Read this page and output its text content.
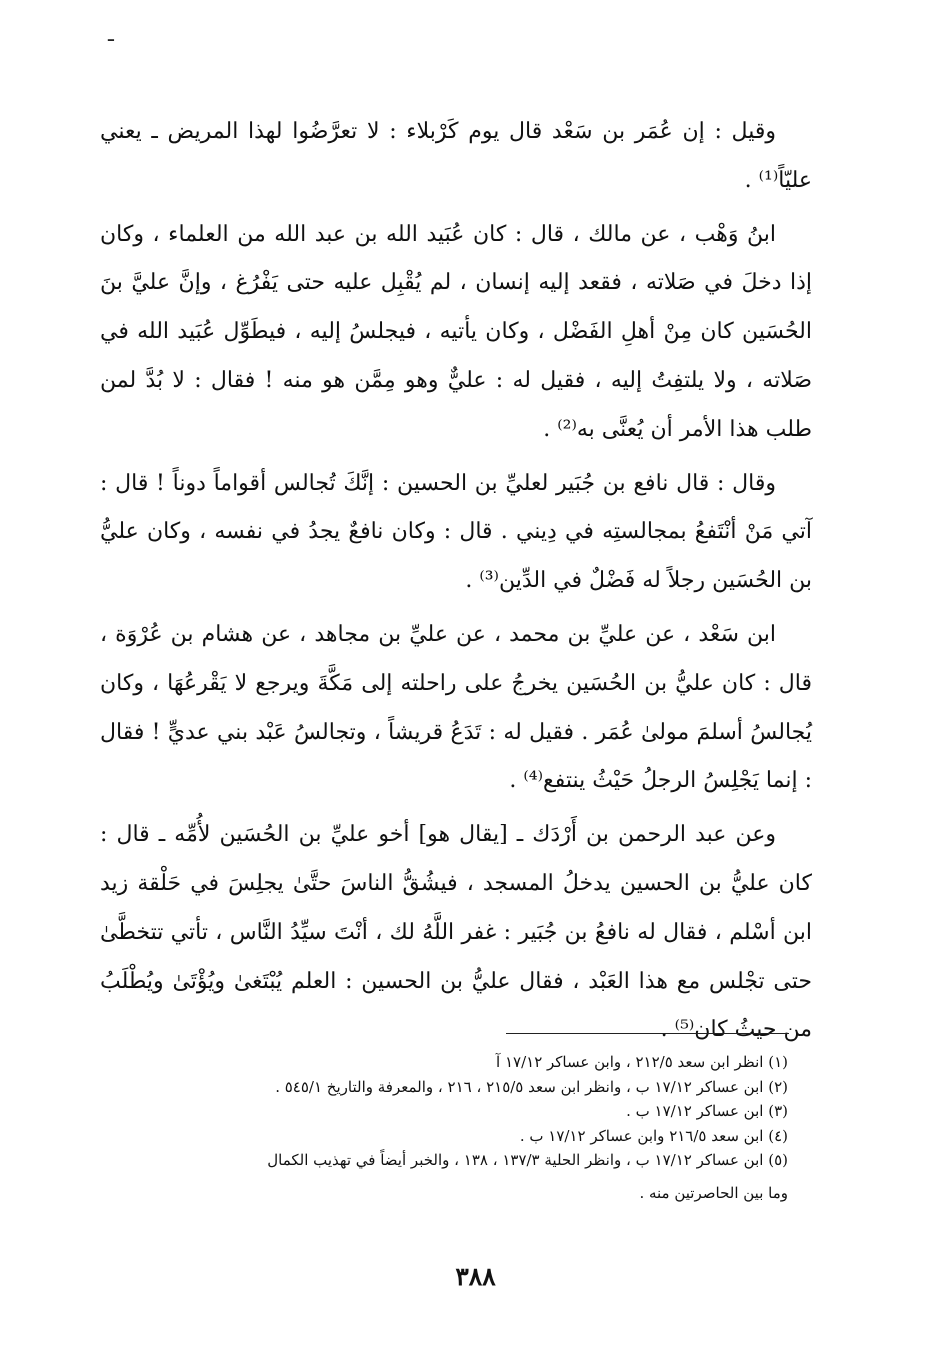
ـ

وقيل : إن عُمَر بن سَعْد قال يوم كَرْبلاء : لا تعرَّضُوا لهذا المريض ـ يعني عليّاً⁽¹⁾ .

ابنُ وَهْب ، عن مالك ، قال : كان عُبَيد الله بن عبد الله من العلماء ، وكان إذا دخلَ في صَلاته ، فقعد إليه إنسان ، لم يُقْبِل عليه حتى يَفْرُغ ، وإنَّ عليَّ بنَ الحُسَين كان مِنْ أهلِ الفَضْل ، وكان يأتيه ، فيجلسُ إليه ، فيطَوِّل عُبَيد الله في صَلاته ، ولا يلتفِتُ إليه ، فقيل له : عليٌّ وهو مِمَّن هو منه ! فقال : لا بُدَّ لمن طلب هذا الأمر أن يُعنَّى به⁽²⁾ .

وقال : قال نافع بن جُبَير لعليِّ بن الحسين : إنَّكَ تُجالس أقواماً دوناً ! قال : آتي مَنْ أنْتَفعُ بمجالستِه في دِيني . قال : وكان نافعٌ يجدُ في نفسه ، وكان عليُّ بن الحُسَين رجلاً له فَضْلٌ في الدِّين⁽³⁾ .

ابن سَعْد ، عن عليِّ بن محمد ، عن عليِّ بن مجاهد ، عن هشام بن عُرْوَة ، قال : كان عليُّ بن الحُسَين يخرجُ على راحلته إلى مَكَّةَ ويرجع لا يَقْرعُهَا ، وكان يُجالسُ أسلمَ مولىٰ عُمَر . فقيل له : تَدَعُ قريشاً ، وتجالسُ عَبْد بني عديٍّ ! فقال : إنما يَجْلِسُ الرجلُ حَيْثُ ينتفع⁽⁴⁾ .

وعن عبد الرحمن بن أَرْدَك ـ [يقال هو] أخو عليِّ بن الحُسَين لأُمِّه ـ قال : كان عليُّ بن الحسين يدخلُ المسجد ، فيشُقُّ الناسَ حتَّىٰ يجلِسَ في حَلْقة زيد ابن أسْلم ، فقال له نافعُ بن جُبَير : غفر اللَّهُ لك ، أنْتَ سيِّدُ النَّاس ، تأتي تتخطَّىٰ حتى تجْلس مع هذا العَبْد ، فقال عليُّ بن الحسين : العلم يُبْتَغىٰ ويُؤْتَىٰ ويُطْلَبُ من حيثُ كان⁽⁵⁾ .

(١) انظر ابن سعد ٢١٢/٥ ، وابن عساكر ١٧/١٢ آ

(٢) ابن عساكر ١٧/١٢ ب ، وانظر ابن سعد ٢١٥/٥ ، ٢١٦ ، والمعرفة والتاريخ ٥٤٥/١ .

(٣) ابن عساكر ١٧/١٢ ب .

(٤) ابن سعد ٢١٦/٥ وابن عساكر ١٧/١٢ ب .

(٥) ابن عساكر ١٧/١٢ ب ، وانظر الحلية ١٣٧/٣ ، ١٣٨ ، والخبر أيضاً في تهذيب الكمال

وما بين الحاصرتين منه .

٣٨٨
